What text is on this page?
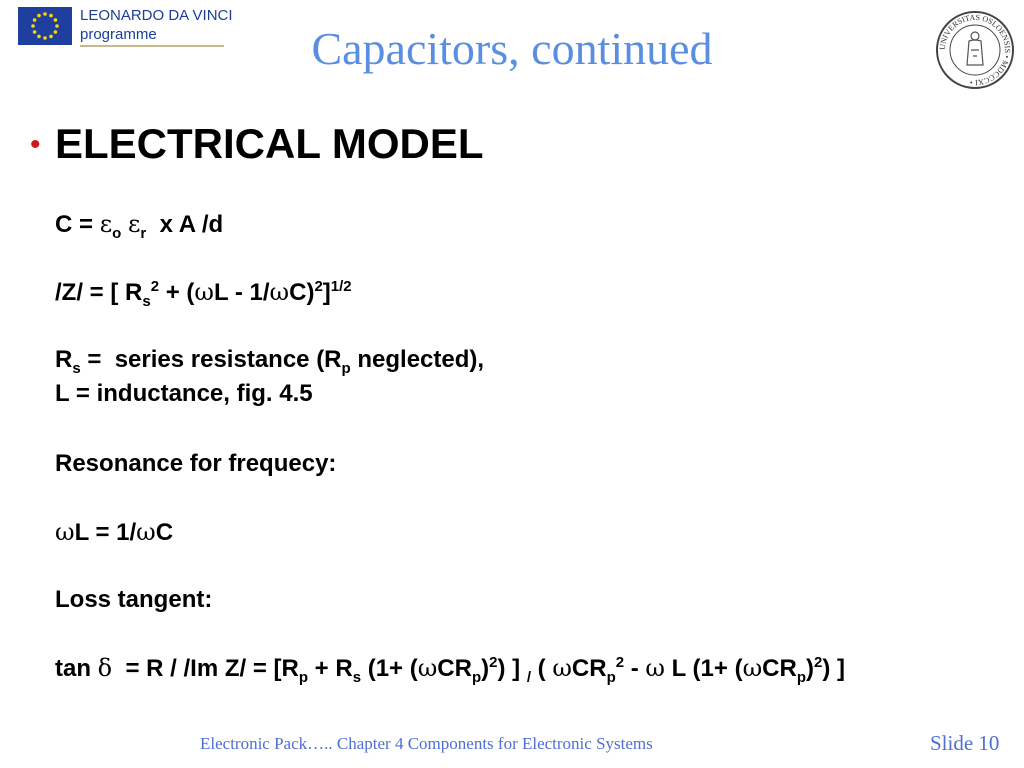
LEONARDO DA VINCI
programme	Capacitors, continued	UNIVERSITAS OSLOENSIS • MDCCCXI •
• ELECTRICAL MODEL
$C = \varepsilon_o$ $\varepsilon_r$  x A /d
/Z/ = [ $R_s^2 + (\omega L - 1/\omega C)^2]^{1/2}$
$R_s$ =  series resistance ($R_p$ neglected),
L = inductance, fig. 4.5
Resonance for frequecy:
ωL = 1/ωC
Loss tangent:
tan δ  = R / /Im $Z/ = [R_p + R_s$ $(1+ (\omega CR_p)^2)$ ] $_/$ ( ωCR$_p^2$ - ω L $(1+ (\omega CR_p)^2)$ ]
Electronic Pack….. Chapter 4 Components for Electronic Systems	Slide 10
